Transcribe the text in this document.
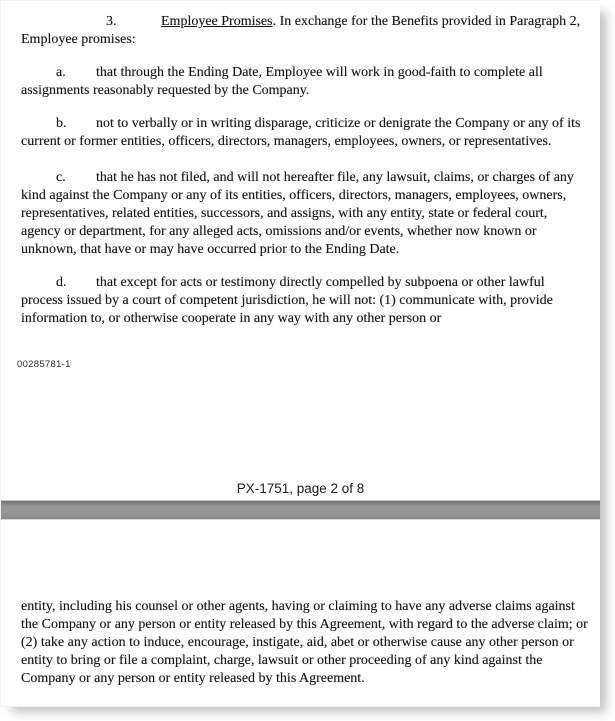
3.	Employee Promises. In exchange for the Benefits provided in Paragraph 2, Employee promises:

a. that through the Ending Date, Employee will work in good-faith to complete all assignments reasonably requested by the Company.

b. not to verbally or in writing disparage, criticize or denigrate the Company or any of its current or former entities, officers, directors, managers, employees, owners, or representatives.

c. that he has not filed, and will not hereafter file, any lawsuit, claims, or charges of any kind against the Company or any of its entities, officers, directors, managers, employees, owners, representatives, related entities, successors, and assigns, with any entity, state or federal court, agency or department, for any alleged acts, omissions and/or events, whether now known or unknown, that have or may have occurred prior to the Ending Date.

d. that except for acts or testimony directly compelled by subpoena or other lawful process issued by a court of competent jurisdiction, he will not: (1) communicate with, provide information to, or otherwise cooperate in any way with any other person or

00285781-1
PX-1751, page 2 of 8

entity, including his counsel or other agents, having or claiming to have any adverse claims against the Company or any person or entity released by this Agreement, with regard to the adverse claim; or (2) take any action to induce, encourage, instigate, aid, abet or otherwise cause any other person or entity to bring or file a complaint, charge, lawsuit or other proceeding of any kind against the Company or any person or entity released by this Agreement.
